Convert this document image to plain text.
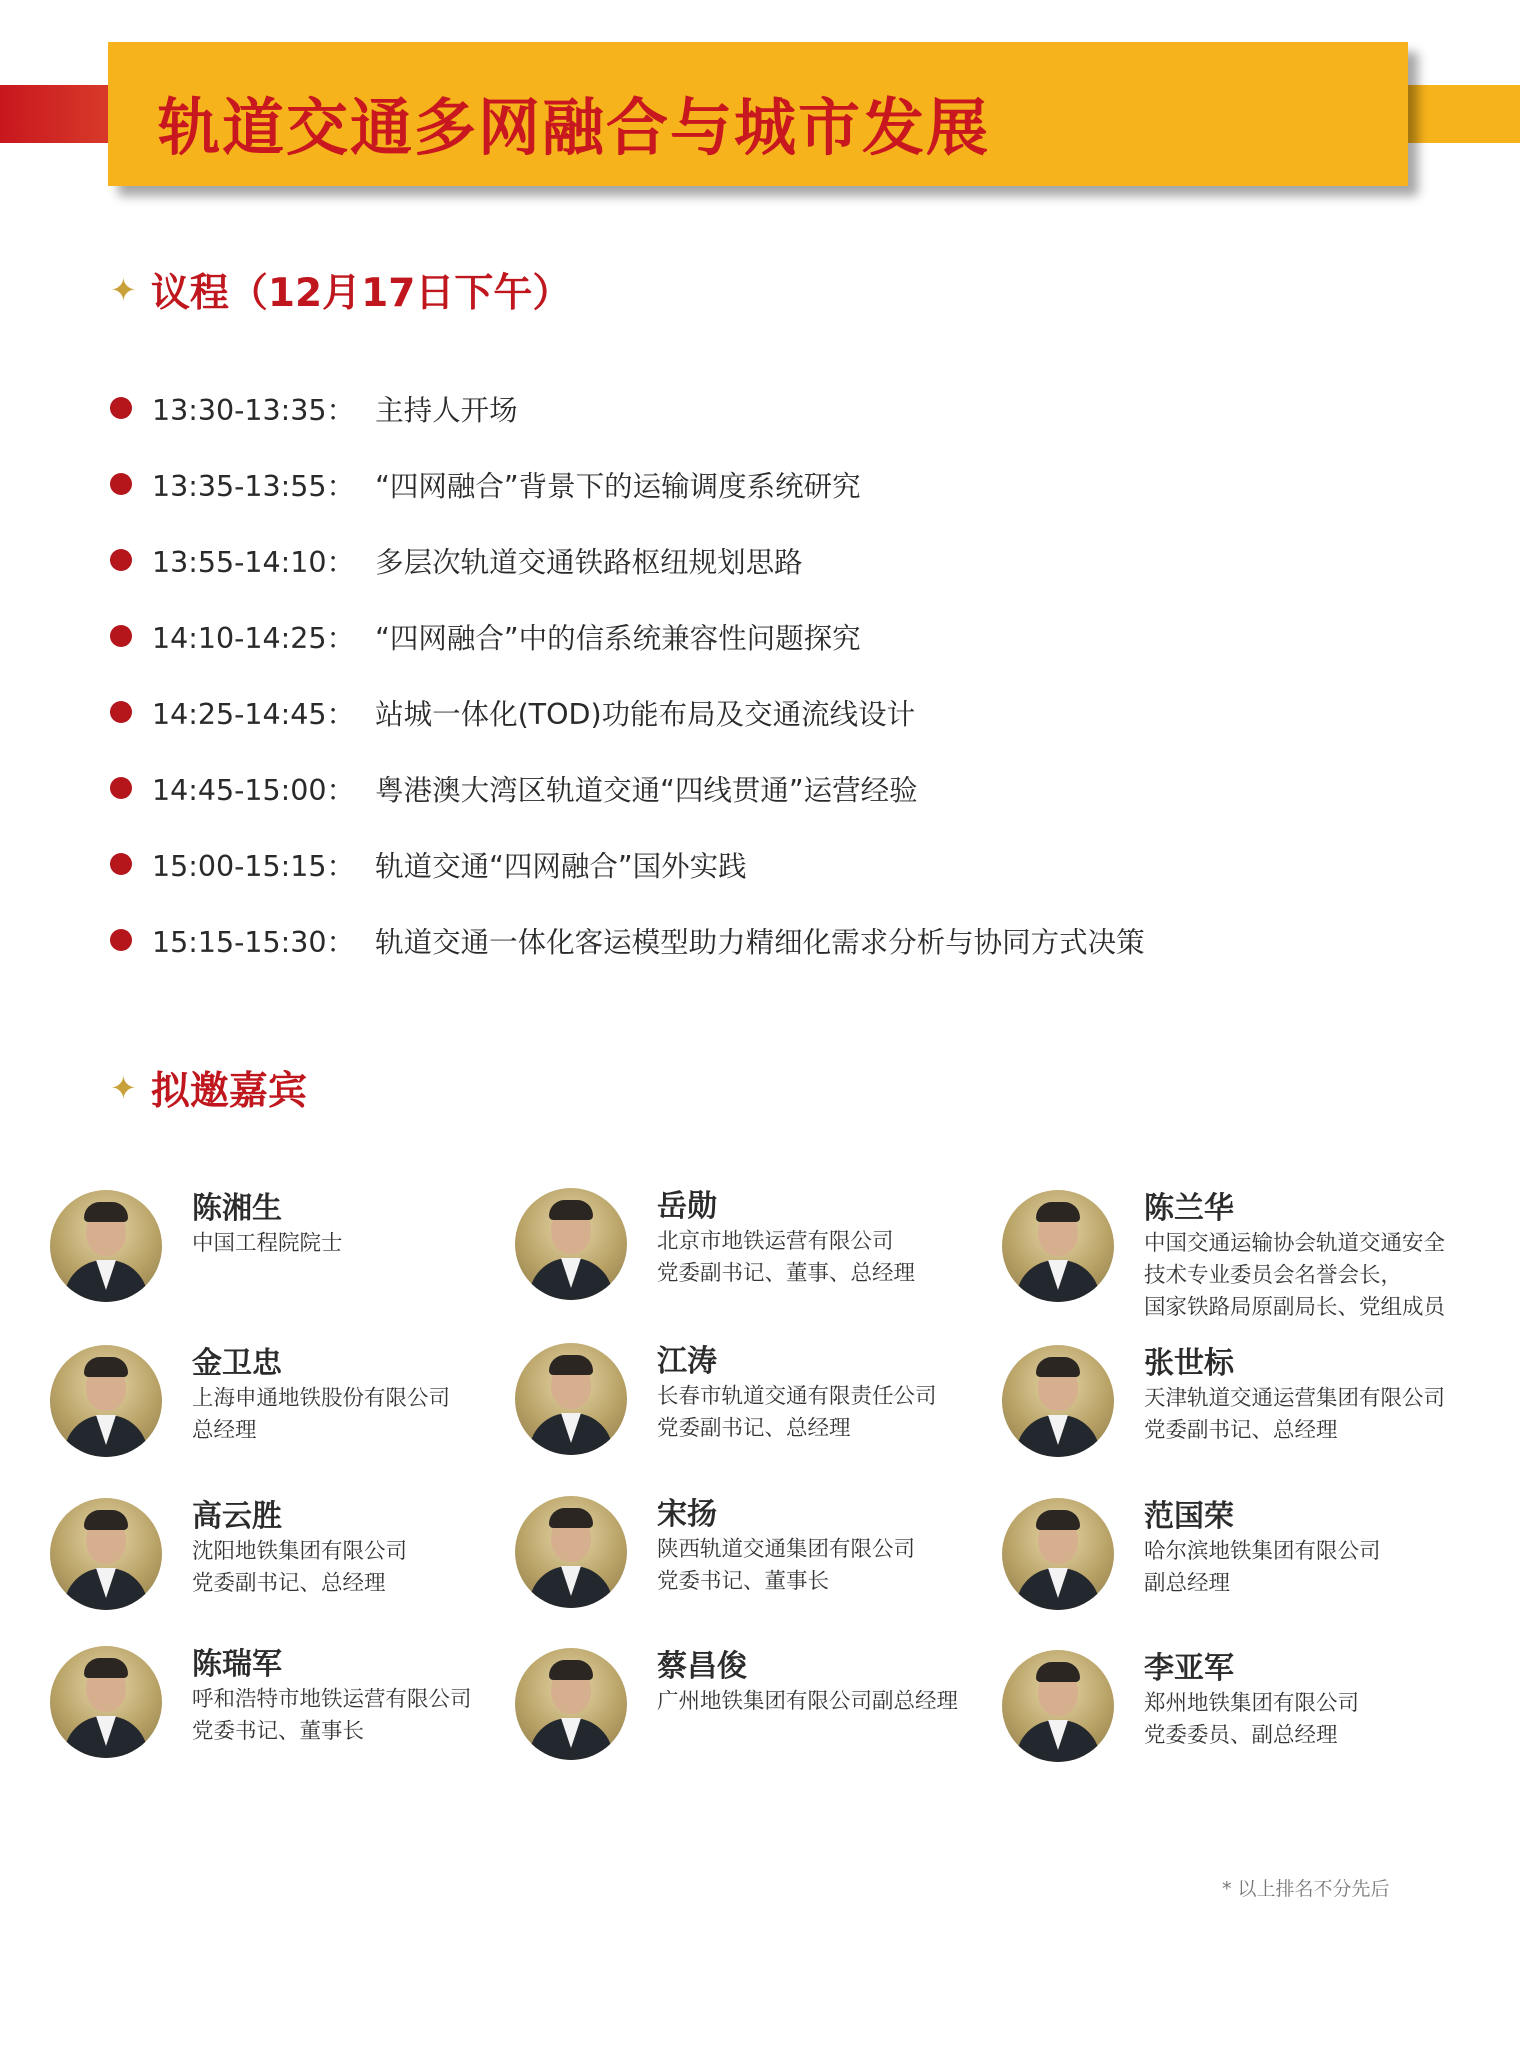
轨道交通多网融合与城市发展
✦ 议程（12月17日下午）
13:30-13:35： 主持人开场
13:35-13:55： “四网融合”背景下的运输调度系统研究
13:55-14:10： 多层次轨道交通铁路枢纽规划思路
14:10-14:25： “四网融合”中的信系统兼容性问题探究
14:25-14:45： 站城一体化(TOD)功能布局及交通流线设计
14:45-15:00： 粤港澳大湾区轨道交通“四线贯通”运营经验
15:00-15:15： 轨道交通“四网融合”国外实践
15:15-15:30： 轨道交通一体化客运模型助力精细化需求分析与协同方式决策
✦ 拟邀嘉宾
陈湘生
中国工程院院士
岳勋
北京市地铁运营有限公司
党委副书记、董事、总经理
陈兰华
中国交通运输协会轨道交通安全
技术专业委员会名誉会长，
国家铁路局原副局长、党组成员
金卫忠
上海申通地铁股份有限公司
总经理
江涛
长春市轨道交通有限责任公司
党委副书记、总经理
张世标
天津轨道交通运营集团有限公司
党委副书记、总经理
高云胜
沈阳地铁集团有限公司
党委副书记、总经理
宋扬
陕西轨道交通集团有限公司
党委书记、董事长
范国荣
哈尔滨地铁集团有限公司
副总经理
陈瑞军
呼和浩特市地铁运营有限公司
党委书记、董事长
蔡昌俊
广州地铁集团有限公司副总经理
李亚军
郑州地铁集团有限公司
党委委员、副总经理
* 以上排名不分先后
